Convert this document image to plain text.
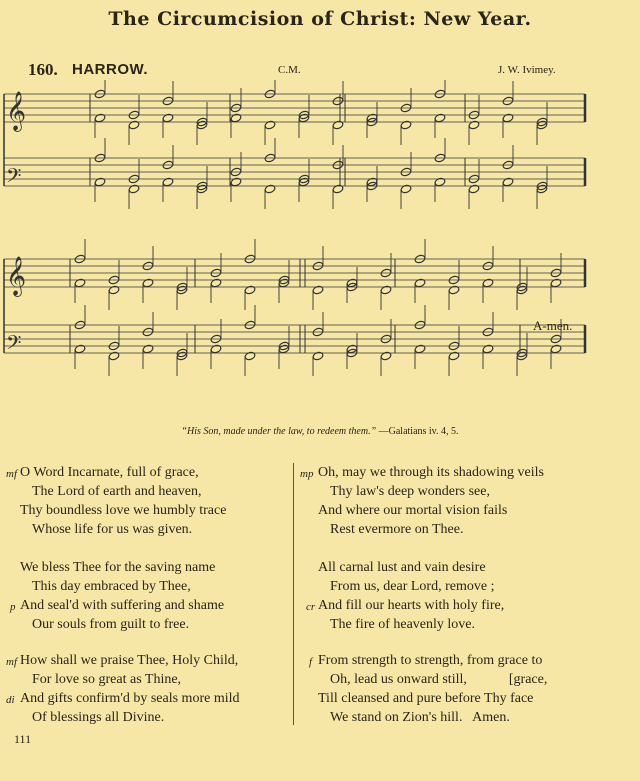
The Circumcision of Christ: New Year.
160. HARROW.	C.M.	J. W. Ivimey.
𝄞
𝄢
𝄞
𝄢
A-men.
“His Son, made under the law, to redeem them.” —Galatians iv. 4, 5.
mf O Word Incarnate, full of grace,
The Lord of earth and heaven,
Thy boundless love we humbly trace
Whose life for us was given.
We bless Thee for the saving name
This day embraced by Thee,
p And seal'd with suffering and shame
Our souls from guilt to free.
mf How shall we praise Thee, Holy Child,
For love so great as Thine,
di And gifts confirm'd by seals more mild
Of blessings all Divine.
mp Oh, may we through its shadowing veils
Thy law's deep wonders see,
And where our mortal vision fails
Rest evermore on Thee.
All carnal lust and vain desire
From us, dear Lord, remove ;
cr And fill our hearts with holy fire,
The fire of heavenly love.
f From strength to strength, from grace to
Oh, lead us onward still,            [grace,
Till cleansed and pure before Thy face
We stand on Zion's hill.   Amen.
111
